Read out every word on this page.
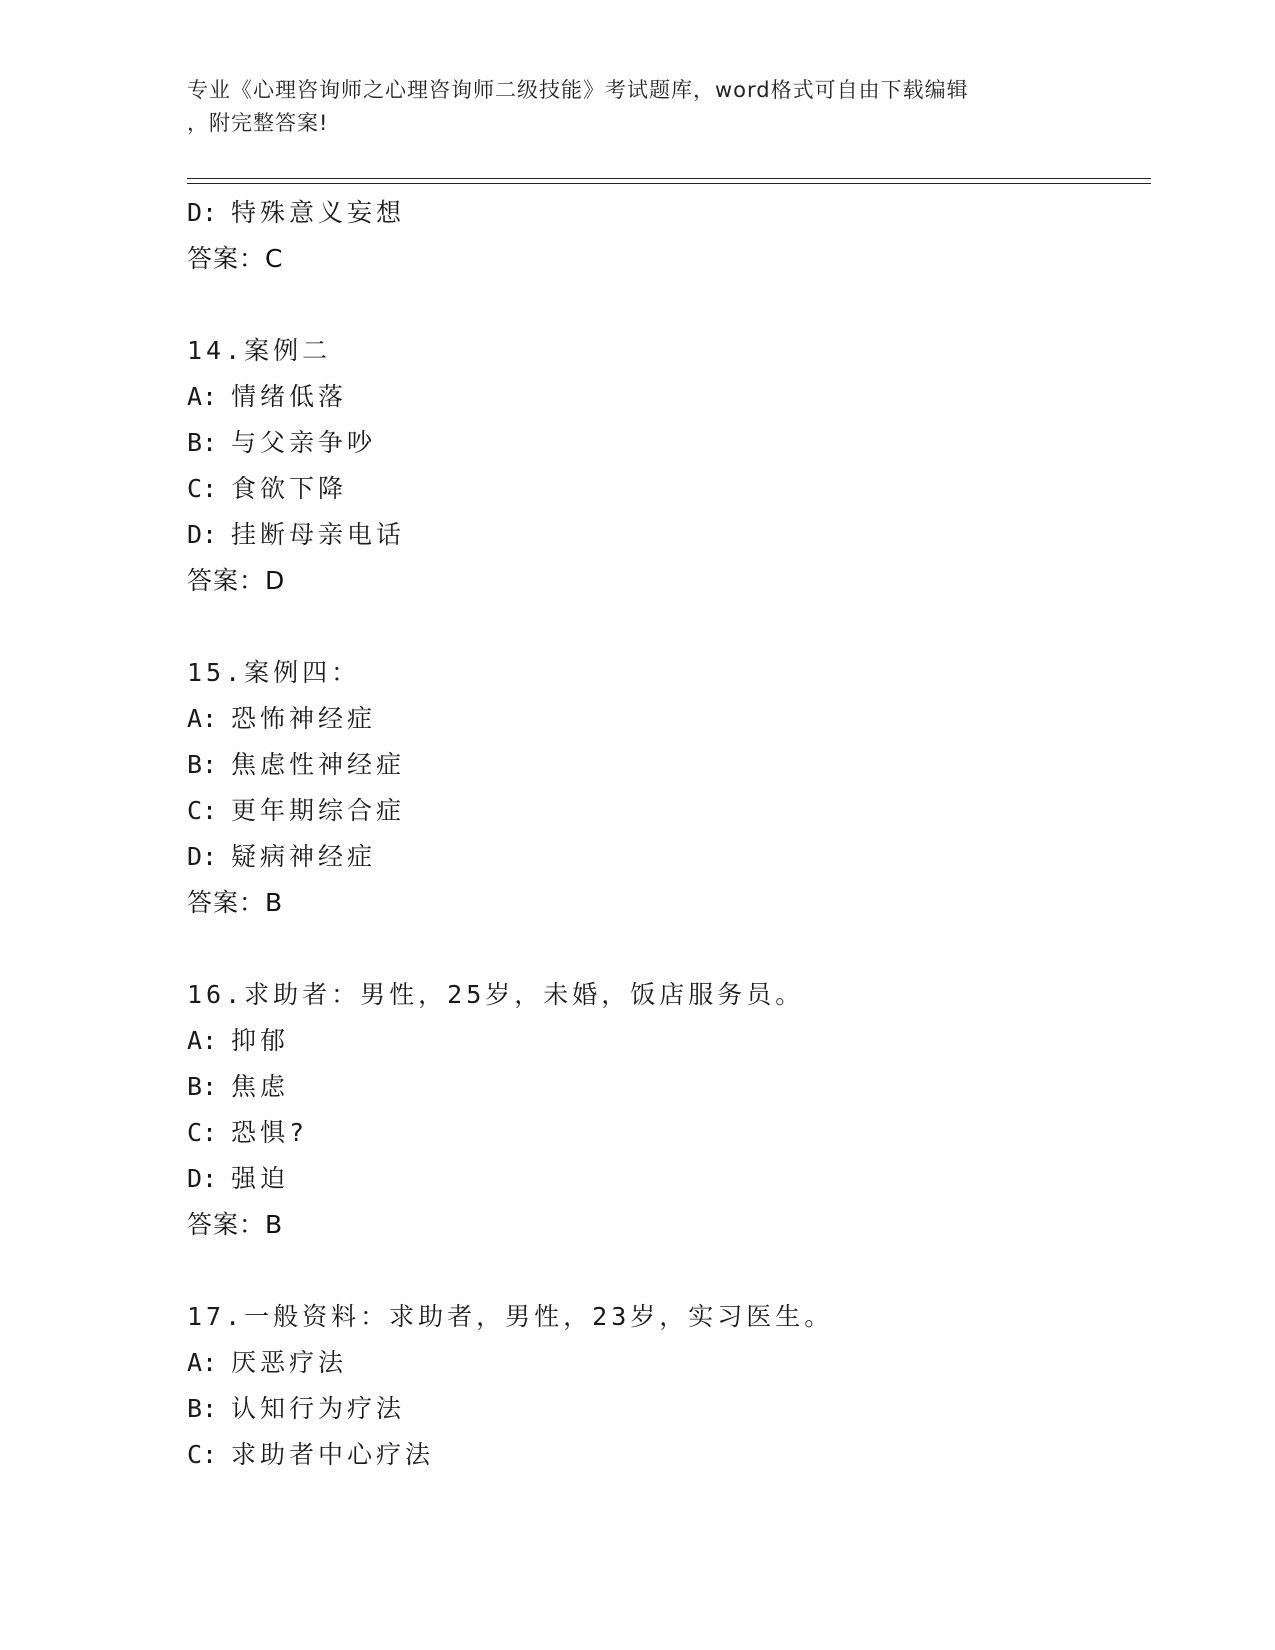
专业《心理咨询师之心理咨询师二级技能》考试题库，word格式可自由下载编辑
，附完整答案!
D: 特殊意义妄想
答案：C
14.案例二
A: 情绪低落
B: 与父亲争吵
C: 食欲下降
D: 挂断母亲电话
答案：D
15.案例四：
A: 恐怖神经症
B: 焦虑性神经症
C: 更年期综合症
D: 疑病神经症
答案：B
16.求助者：男性，25岁，未婚，饭店服务员。
A: 抑郁
B: 焦虑
C: 恐惧?
D: 强迫
答案：B
17.一般资料：求助者，男性，23岁，实习医生。
A: 厌恶疗法
B: 认知行为疗法
C: 求助者中心疗法
